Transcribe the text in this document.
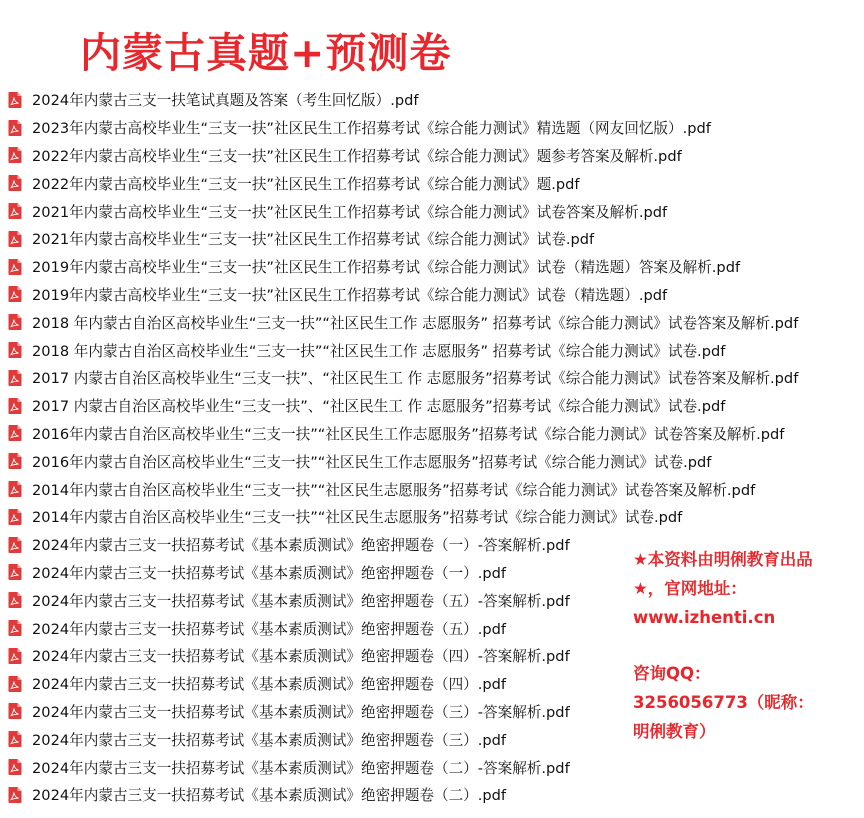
内蒙古真题+预测卷
2024年内蒙古三支一扶笔试真题及答案（考生回忆版）.pdf
2023年内蒙古高校毕业生“三支一扶”社区民生工作招募考试《综合能力测试》精选题（网友回忆版）.pdf
2022年内蒙古高校毕业生“三支一扶”社区民生工作招募考试《综合能力测试》题参考答案及解析.pdf
2022年内蒙古高校毕业生“三支一扶”社区民生工作招募考试《综合能力测试》题.pdf
2021年内蒙古高校毕业生“三支一扶”社区民生工作招募考试《综合能力测试》试卷答案及解析.pdf
2021年内蒙古高校毕业生“三支一扶”社区民生工作招募考试《综合能力测试》试卷.pdf
2019年内蒙古高校毕业生“三支一扶”社区民生工作招募考试《综合能力测试》试卷（精选题）答案及解析.pdf
2019年内蒙古高校毕业生“三支一扶”社区民生工作招募考试《综合能力测试》试卷（精选题）.pdf
2018 年内蒙古自治区高校毕业生“三支一扶”“社区民生工作 志愿服务” 招募考试《综合能力测试》试卷答案及解析.pdf
2018 年内蒙古自治区高校毕业生“三支一扶”“社区民生工作 志愿服务” 招募考试《综合能力测试》试卷.pdf
2017 内蒙古自治区高校毕业生“三支一扶”、“社区民生工 作 志愿服务”招募考试《综合能力测试》试卷答案及解析.pdf
2017 内蒙古自治区高校毕业生“三支一扶”、“社区民生工 作 志愿服务”招募考试《综合能力测试》试卷.pdf
2016年内蒙古自治区高校毕业生“三支一扶”“社区民生工作志愿服务”招募考试《综合能力测试》试卷答案及解析.pdf
2016年内蒙古自治区高校毕业生“三支一扶”“社区民生工作志愿服务”招募考试《综合能力测试》试卷.pdf
2014年内蒙古自治区高校毕业生“三支一扶”“社区民生志愿服务”招募考试《综合能力测试》试卷答案及解析.pdf
2014年内蒙古自治区高校毕业生“三支一扶”“社区民生志愿服务”招募考试《综合能力测试》试卷.pdf
2024年内蒙古三支一扶招募考试《基本素质测试》绝密押题卷（一）-答案解析.pdf
2024年内蒙古三支一扶招募考试《基本素质测试》绝密押题卷（一）.pdf
2024年内蒙古三支一扶招募考试《基本素质测试》绝密押题卷（五）-答案解析.pdf
2024年内蒙古三支一扶招募考试《基本素质测试》绝密押题卷（五）.pdf
2024年内蒙古三支一扶招募考试《基本素质测试》绝密押题卷（四）-答案解析.pdf
2024年内蒙古三支一扶招募考试《基本素质测试》绝密押题卷（四）.pdf
2024年内蒙古三支一扶招募考试《基本素质测试》绝密押题卷（三）-答案解析.pdf
2024年内蒙古三支一扶招募考试《基本素质测试》绝密押题卷（三）.pdf
2024年内蒙古三支一扶招募考试《基本素质测试》绝密押题卷（二）-答案解析.pdf
2024年内蒙古三支一扶招募考试《基本素质测试》绝密押题卷（二）.pdf
★本资料由明俐教育出品
★，官网地址：
www.izhenti.cn
咨询QQ：
3256056773（昵称：
明俐教育）
